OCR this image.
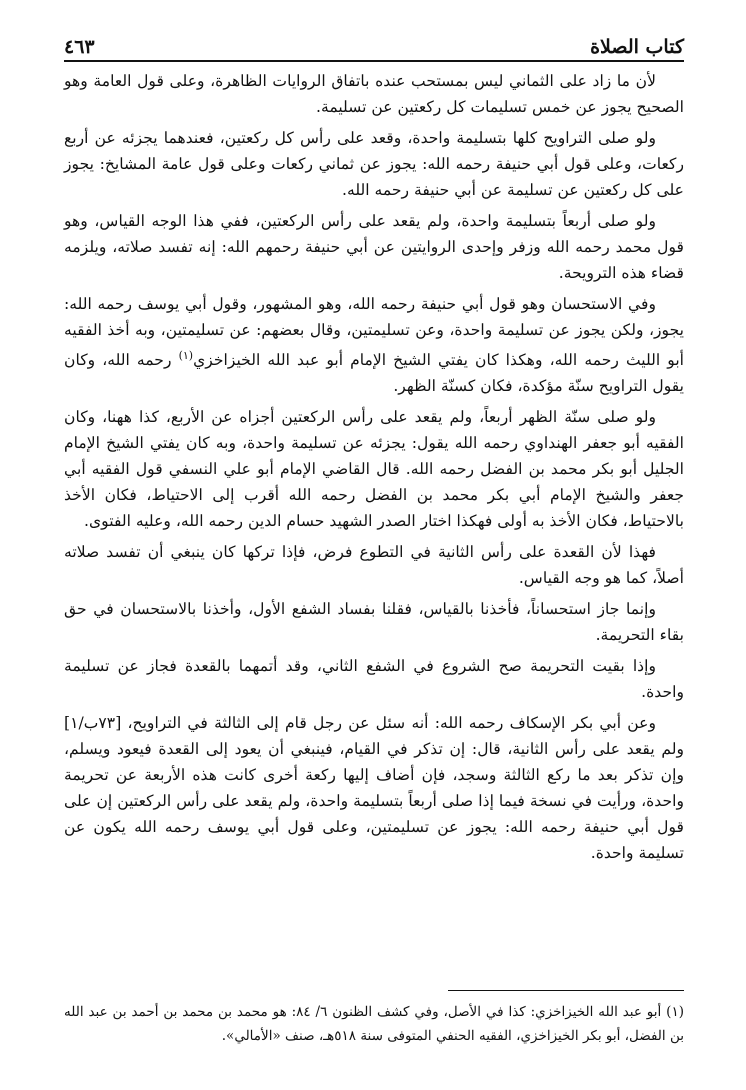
كتاب الصلاة
٤٦٣

لأن ما زاد على الثماني ليس بمستحب عنده باتفاق الروايات الظاهرة، وعلى قول العامة وهو الصحيح يجوز عن خمس تسليمات كل ركعتين عن تسليمة.

ولو صلى التراويح كلها بتسليمة واحدة، وقعد على رأس كل ركعتين، فعندهما يجزئه عن أربع ركعات، وعلى قول أبي حنيفة رحمه الله: يجوز عن ثماني ركعات وعلى قول عامة المشايخ: يجوز على كل ركعتين عن تسليمة عن أبي حنيفة رحمه الله.

ولو صلى أربعاً بتسليمة واحدة، ولم يقعد على رأس الركعتين، ففي هذا الوجه القياس، وهو قول محمد رحمه الله وزفر وإحدى الروايتين عن أبي حنيفة رحمهم الله: إنه تفسد صلاته، ويلزمه قضاء هذه الترويحة.

وفي الاستحسان وهو قول أبي حنيفة رحمه الله، وهو المشهور، وقول أبي يوسف رحمه الله: يجوز، ولكن يجوز عن تسليمة واحدة، وعن تسليمتين، وقال بعضهم: عن تسليمتين، وبه أخذ الفقيه أبو الليث رحمه الله، وهكذا كان يفتي الشيخ الإمام أبو عبد الله الخيزاخزي$^{(١)}$ رحمه الله، وكان يقول التراويح سنّة مؤكدة، فكان كسنّة الظهر.

ولو صلى سنّة الظهر أربعاً، ولم يقعد على رأس الركعتين أجزاه عن الأربع، كذا ههنا، وكان الفقيه أبو جعفر الهنداوي رحمه الله يقول: يجزئه عن تسليمة واحدة، وبه كان يفتي الشيخ الإمام الجليل أبو بكر محمد بن الفضل رحمه الله. قال القاضي الإمام أبو علي النسفي قول الفقيه أبي جعفر والشيخ الإمام أبي بكر محمد بن الفضل رحمه الله أقرب إلى الاحتياط، فكان الأخذ بالاحتياط، فكان الأخذ به أولى فهكذا اختار الصدر الشهيد حسام الدين رحمه الله، وعليه الفتوى.

فهذا لأن القعدة على رأس الثانية في التطوع فرض، فإذا تركها كان ينبغي أن تفسد صلاته أصلاً، كما هو وجه القياس.

وإنما جاز استحساناً، فأخذنا بالقياس، فقلنا بفساد الشفع الأول، وأخذنا بالاستحسان في حق بقاء التحريمة.

وإذا بقيت التحريمة صح الشروع في الشفع الثاني، وقد أتمهما بالقعدة فجاز عن تسليمة واحدة.

وعن أبي بكر الإسكاف رحمه الله: أنه سئل عن رجل قام إلى الثالثة في التراويح، [٧٣ب/١] ولم يقعد على رأس الثانية، قال: إن تذكر في القيام، فينبغي أن يعود إلى القعدة فيعود ويسلم، وإن تذكر بعد ما ركع الثالثة وسجد، فإن أضاف إليها ركعة أخرى كانت هذه الأربعة عن تحريمة واحدة، ورأيت في نسخة فيما إذا صلى أربعاً بتسليمة واحدة، ولم يقعد على رأس الركعتين إن على قول أبي حنيفة رحمه الله: يجوز عن تسليمتين، وعلى قول أبي يوسف رحمه الله يكون عن تسليمة واحدة.

(١) أبو عبد الله الخيزاخزي: كذا في الأصل، وفي كشف الظنون ٦/ ٨٤: هو محمد بن محمد بن أحمد بن عبد الله بن الفضل، أبو بكر الخيزاخزي، الفقيه الحنفي المتوفى سنة ٥١٨هـ، صنف «الأمالي».
